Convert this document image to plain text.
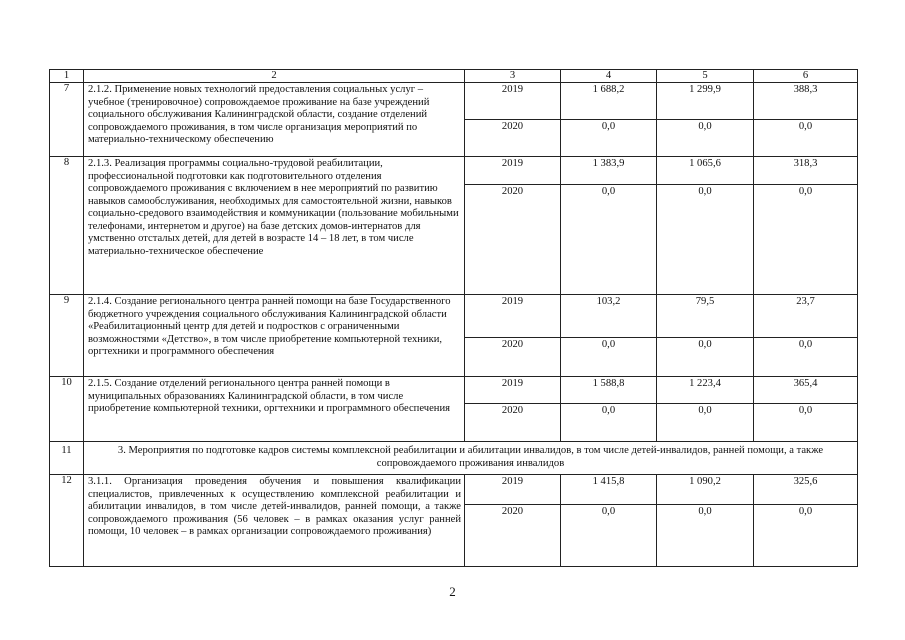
1	2	3	4	5	6
7	2.1.2. Применение новых технологий предоставления социальных услуг – учебное (тренировочное) сопровождаемое проживание на базе учреждений социального обслуживания Калининградской области, создание отделений сопровождаемого проживания, в том числе организация мероприятий по материально-техническому обеспечению	2019	1 688,2	1 299,9	388,3
		2020	0,0	0,0	0,0
8	2.1.3. Реализация программы социально-трудовой реабилитации, профессиональной подготовки как подготовительного отделения сопровождаемого проживания с включением в нее мероприятий по развитию навыков самообслуживания, необходимых для самостоятельной жизни, навыков социально-средового взаимодействия и коммуникации (пользование мобильными телефонами, интернетом и другое) на базе детских домов-интернатов для умственно отсталых детей, для детей в возрасте 14 – 18 лет, в том числе материально-техническое обеспечение	2019	1 383,9	1 065,6	318,3
		2020	0,0	0,0	0,0
9	2.1.4. Создание регионального центра ранней помощи на базе Государственного бюджетного учреждения социального обслуживания Калининградской области «Реабилитационный центр для детей и подростков с ограниченными возможностями «Детство», в том числе приобретение компьютерной техники, оргтехники и программного обеспечения	2019	103,2	79,5	23,7
		2020	0,0	0,0	0,0
10	2.1.5. Создание отделений регионального центра ранней помощи в муниципальных образованиях Калининградской области, в том числе приобретение компьютерной техники, оргтехники и программного обеспечения	2019	1 588,8	1 223,4	365,4
		2020	0,0	0,0	0,0
11	3. Мероприятия по подготовке кадров системы комплексной реабилитации и абилитации инвалидов, в том числе детей-инвалидов, ранней помощи, а также сопровождаемого проживания инвалидов				
12	3.1.1. Организация проведения обучения и повышения квалификации специалистов, привлеченных к осуществлению комплексной реабилитации и абилитации инвалидов, в том числе детей-инвалидов, ранней помощи, а также сопровождаемого проживания (56 человек – в рамках оказания услуг ранней помощи, 10 человек – в рамках организации сопровождаемого проживания)	2019	1 415,8	1 090,2	325,6
		2020	0,0	0,0	0,0
2
